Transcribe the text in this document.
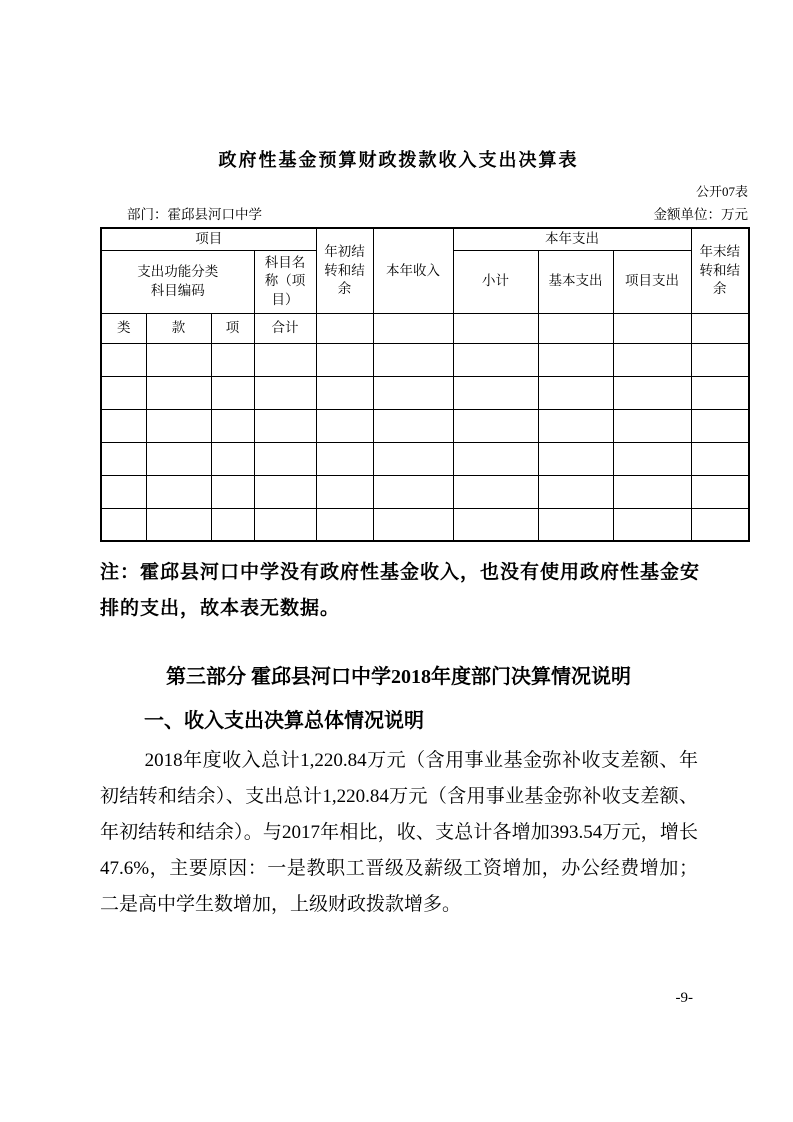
政府性基金预算财政拨款收入支出决算表
公开07表
部门：霍邱县河口中学	金额单位：万元
项目				年初结转和结余	本年收入	本年支出			年末结转和结余
支出功能分类科目编码			科目名称（项目）			小计	基本支出	项目支出	
类	款	项	合计						

注：霍邱县河口中学没有政府性基金收入，也没有使用政府性基金安排的支出，故本表无数据。
第三部分 霍邱县河口中学2018年度部门决算情况说明
一、收入支出决算总体情况说明

2018年度收入总计1,220.84万元（含用事业基金弥补收支差额、年初结转和结余）、支出总计1,220.84万元（含用事业基金弥补收支差额、年初结转和结余）。与2017年相比，收、支总计各增加393.54万元，增长47.6%，主要原因：一是教职工晋级及薪级工资增加，办公经费增加；二是高中学生数增加，上级财政拨款增多。

-9-
